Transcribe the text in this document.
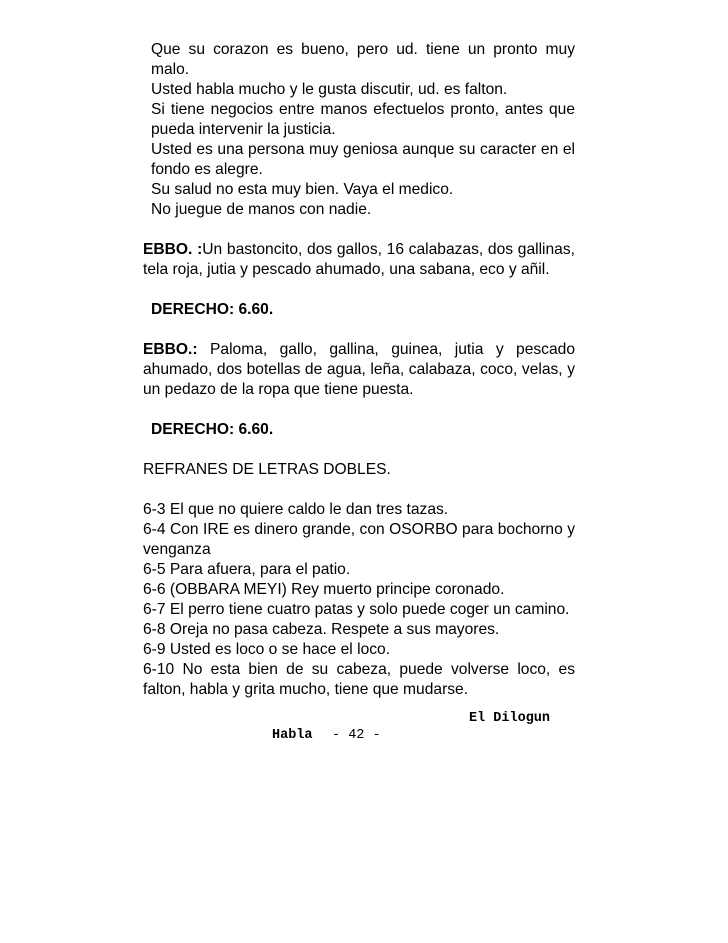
Que su corazon es bueno, pero ud. tiene un pronto muy malo.

Usted habla mucho y le gusta discutir, ud. es falton.

Si tiene negocios entre manos efectuelos pronto, antes que pueda intervenir la justicia.

Usted es una persona muy geniosa aunque su caracter en el fondo es alegre.

Su salud no esta muy bien. Vaya el medico.

No juegue de manos con nadie.

EBBO. :Un bastoncito, dos gallos, 16 calabazas, dos gallinas, tela roja, jutia y pescado ahumado, una sabana, eco y añil.

DERECHO: 6.60.

EBBO.: Paloma, gallo, gallina, guinea, jutia y pescado ahumado, dos botellas de agua, leña, calabaza, coco, velas, y un pedazo de la ropa que tiene puesta.

DERECHO: 6.60.

REFRANES DE LETRAS DOBLES.

6-3 El que no quiere caldo le dan tres tazas.

6-4 Con IRE es dinero grande, con OSORBO para bochorno y    venganza

6-5 Para afuera, para el patio.

6-6 (OBBARA MEYI) Rey muerto principe coronado.

6-7 El perro tiene cuatro patas y solo puede coger un camino.

6-8 Oreja no pasa cabeza. Respete a sus mayores.

6-9 Usted es loco o se hace el loco.

6-10 No esta bien de su cabeza, puede volverse loco, es falton, habla y grita mucho, tiene que mudarse.

El Dilogun
Habla - 42 -
